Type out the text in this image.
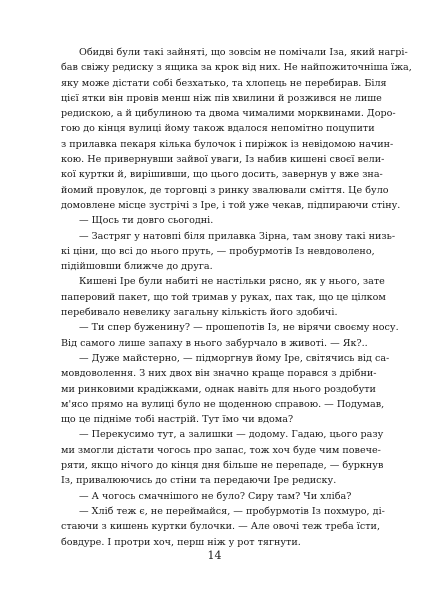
Обидві були такі зайняті, що зовсім не помічали Іза, який нагрі-
бав свіжу редиску з ящика за крок від них. Не найпожиточніша їжа,
яку може дістати собі безхатько, та хлопець не перебирав. Біля
цієї ятки він провів менш ніж пів хвилини й розжився не лише
редискою, а й цибулиною та двома чималими морквинами. Доро-
гою до кінця вулиці йому також вдалося непомітно поцупити
з прилавка пекаря кілька булочок і пиріжок із невідомою начин-
кою. Не привернувши зайвої уваги, Із набив кишені своєї вели-
кої куртки й, вирішивши, що цього досить, завернув у вже зна-
йомий провулок, де торговці з ринку звалювали сміття. Це було
домовлене місце зустрічі з Іре, і той уже чекав, підпираючи стіну.
— Щось ти довго сьогодні.
— Застряг у натовпі біля прилавка Зірна, там знову такі низь-
кі ціни, що всі до нього пруть, — пробурмотів Із невдоволено,
підійшовши ближче до друга.
Кишені Іре були набиті не настільки рясно, як у нього, зате
паперовий пакет, що той тримав у руках, пах так, що це цілком
перебивало невелику загальну кількість його здобичі.
— Ти спер буженину? — прошепотів Із, не вірячи своєму носу.
Від самого лише запаху в нього забурчало в животі. — Як?..
— Дуже майстерно, — підморгнув йому Іре, світячись від са-
мовдоволення. З них двох він значно краще порався з дрібни-
ми ринковими крадіжками, однак навіть для нього роздобути
м'ясо прямо на вулиці було не щоденною справою. — Подумав,
що це підніме тобі настрій. Тут їмо чи вдома?
— Перекусимо тут, а залишки — додому. Гадаю, цього разу
ми змогли дістати чогось про запас, тож хоч буде чим повече-
ряти, якщо нічого до кінця дня більше не перепаде, — буркнув
Із, привалюючись до стіни та передаючи Іре редиску.
— А чогось смачнішого не було? Сиру там? Чи хліба?
— Хліб теж є, не переймайся, — пробурмотів Із похмуро, ді-
стаючи з кишень куртки булочки. — Але овочі теж треба їсти,
бовдуре. І протри хоч, перш ніж у рот тягнути.
14
